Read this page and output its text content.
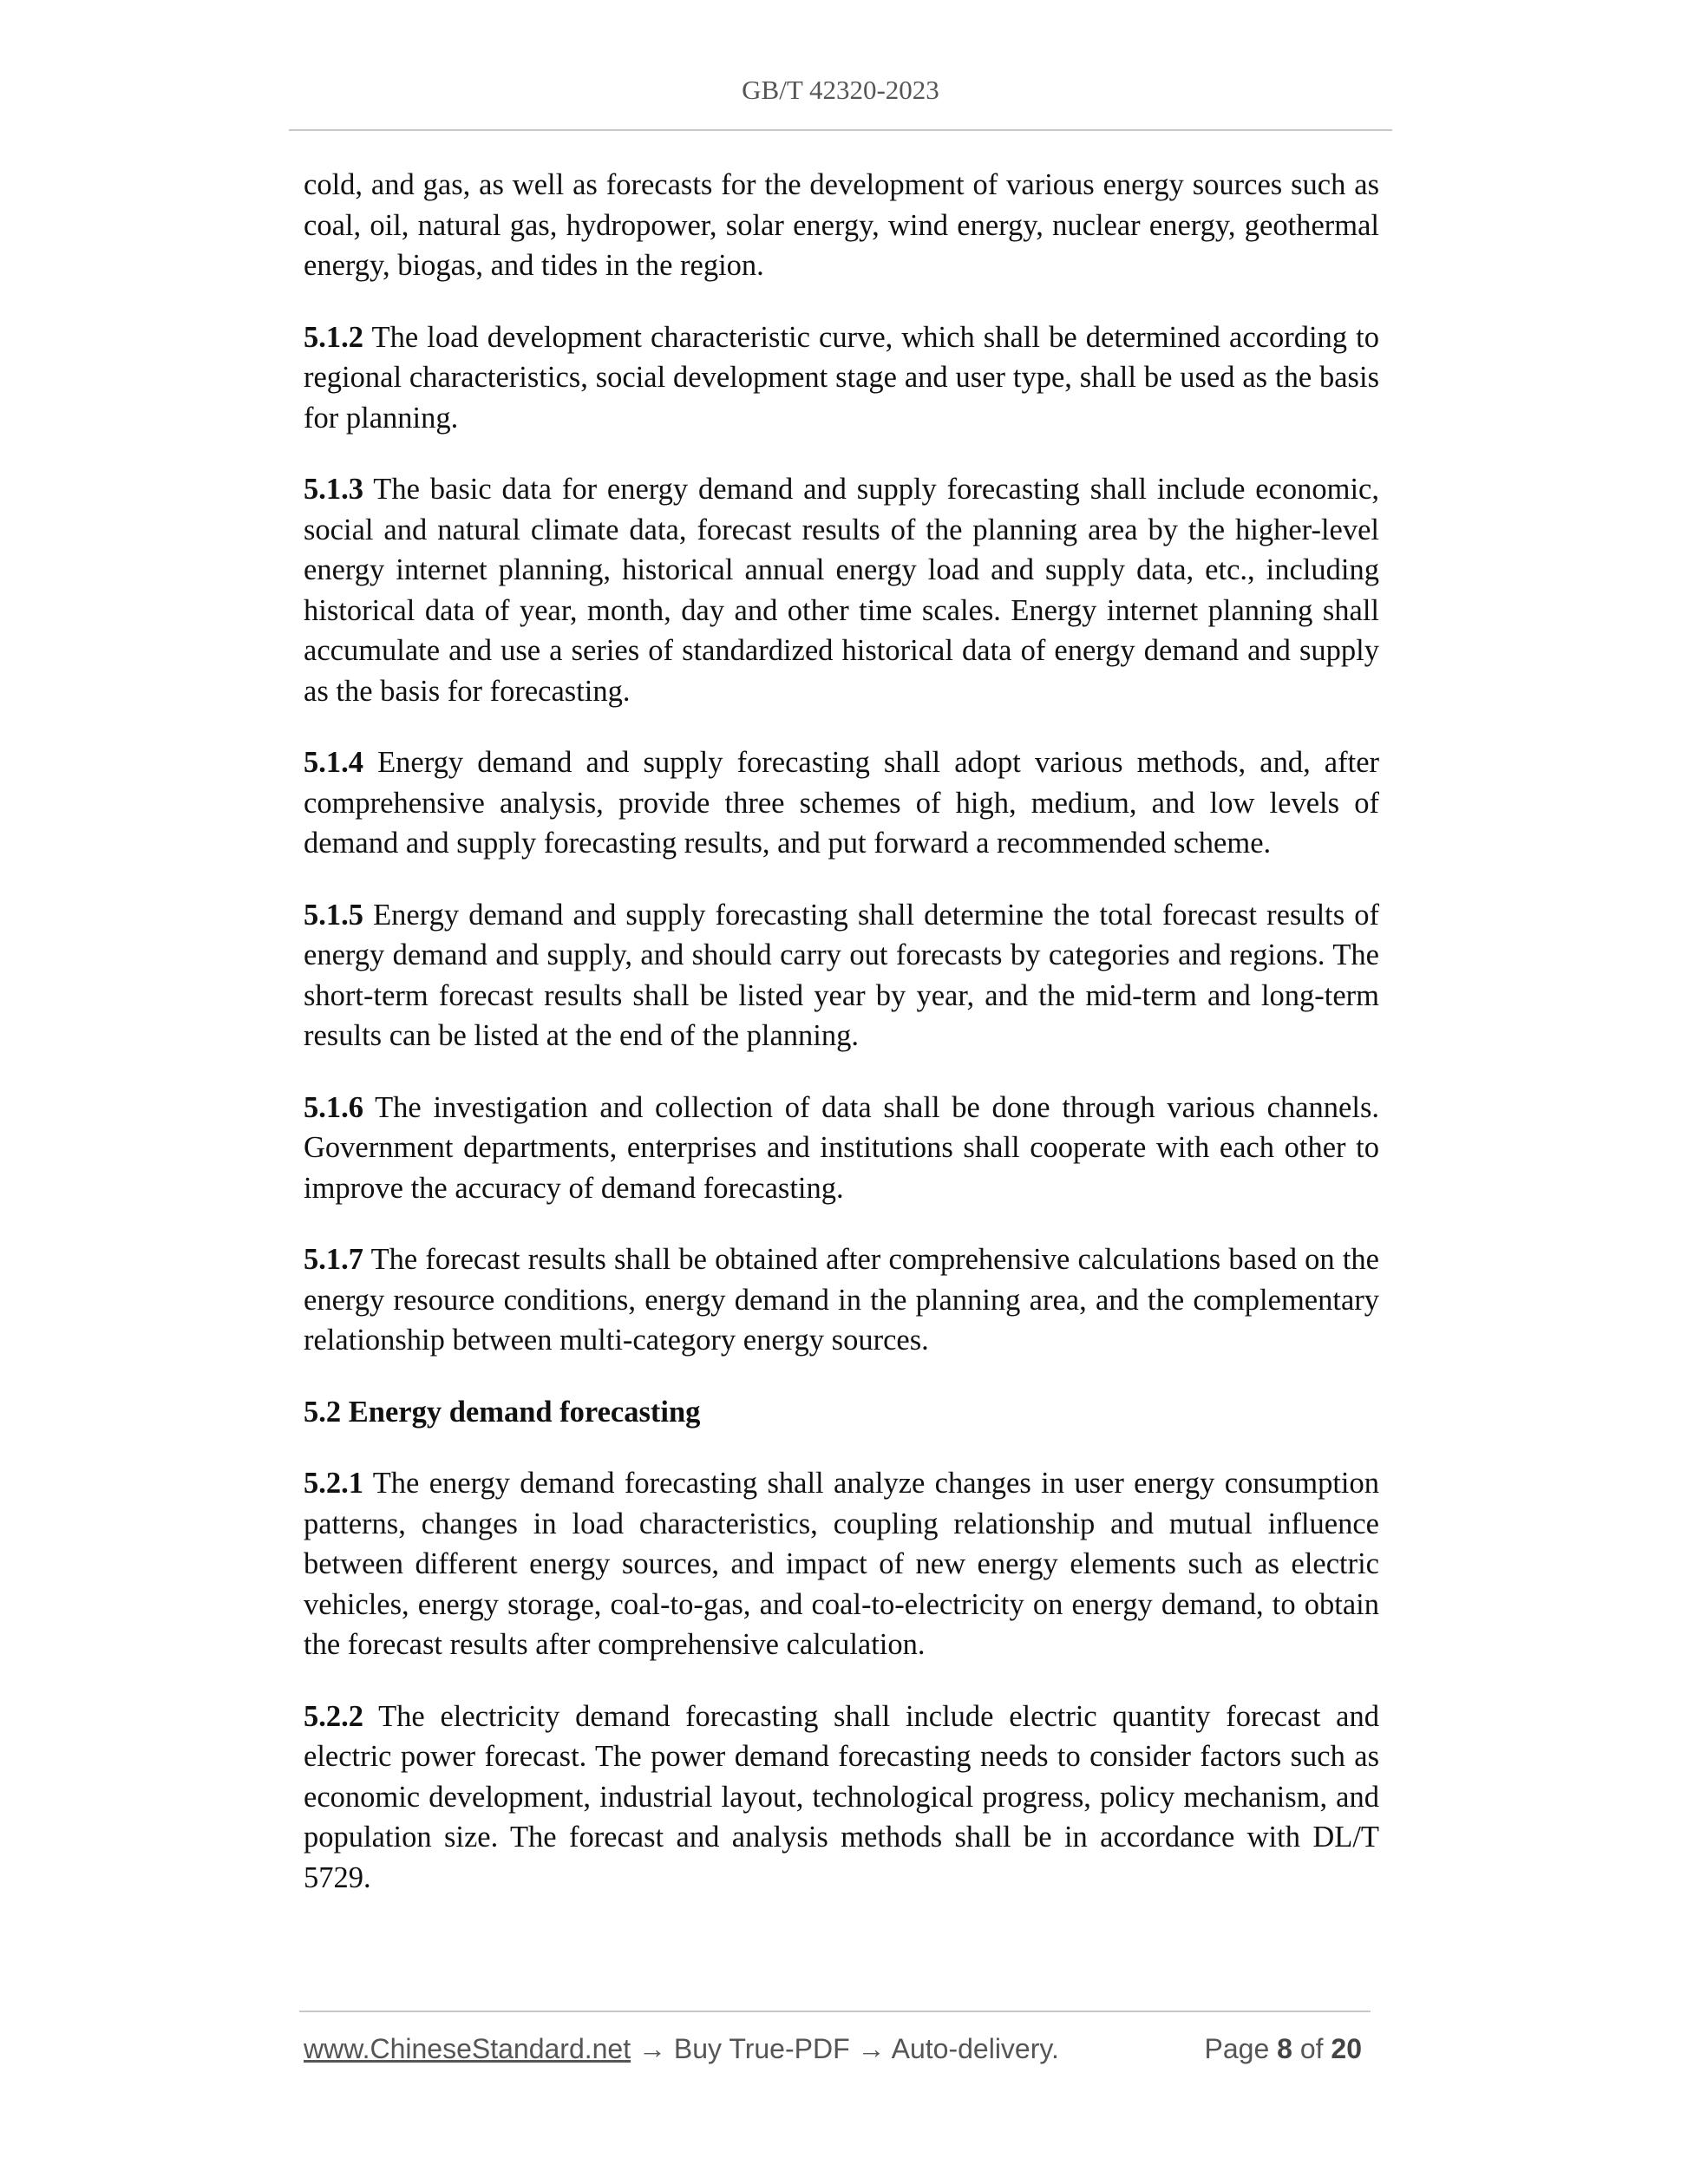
GB/T 42320-2023

cold, and gas, as well as forecasts for the development of various energy sources such as coal, oil, natural gas, hydropower, solar energy, wind energy, nuclear energy, geothermal energy, biogas, and tides in the region.

5.1.2 The load development characteristic curve, which shall be determined according to regional characteristics, social development stage and user type, shall be used as the basis for planning.

5.1.3 The basic data for energy demand and supply forecasting shall include economic, social and natural climate data, forecast results of the planning area by the higher-level energy internet planning, historical annual energy load and supply data, etc., including historical data of year, month, day and other time scales. Energy internet planning shall accumulate and use a series of standardized historical data of energy demand and supply as the basis for forecasting.

5.1.4 Energy demand and supply forecasting shall adopt various methods, and, after comprehensive analysis, provide three schemes of high, medium, and low levels of demand and supply forecasting results, and put forward a recommended scheme.

5.1.5 Energy demand and supply forecasting shall determine the total forecast results of energy demand and supply, and should carry out forecasts by categories and regions. The short-term forecast results shall be listed year by year, and the mid-term and long-term results can be listed at the end of the planning.

5.1.6 The investigation and collection of data shall be done through various channels. Government departments, enterprises and institutions shall cooperate with each other to improve the accuracy of demand forecasting.

5.1.7 The forecast results shall be obtained after comprehensive calculations based on the energy resource conditions, energy demand in the planning area, and the complementary relationship between multi-category energy sources.

5.2 Energy demand forecasting

5.2.1 The energy demand forecasting shall analyze changes in user energy consumption patterns, changes in load characteristics, coupling relationship and mutual influence between different energy sources, and impact of new energy elements such as electric vehicles, energy storage, coal-to-gas, and coal-to-electricity on energy demand, to obtain the forecast results after comprehensive calculation.

5.2.2 The electricity demand forecasting shall include electric quantity forecast and electric power forecast. The power demand forecasting needs to consider factors such as economic development, industrial layout, technological progress, policy mechanism, and population size. The forecast and analysis methods shall be in accordance with DL/T 5729.

www.ChineseStandard.net → Buy True-PDF → Auto-delivery.	Page 8 of 20
